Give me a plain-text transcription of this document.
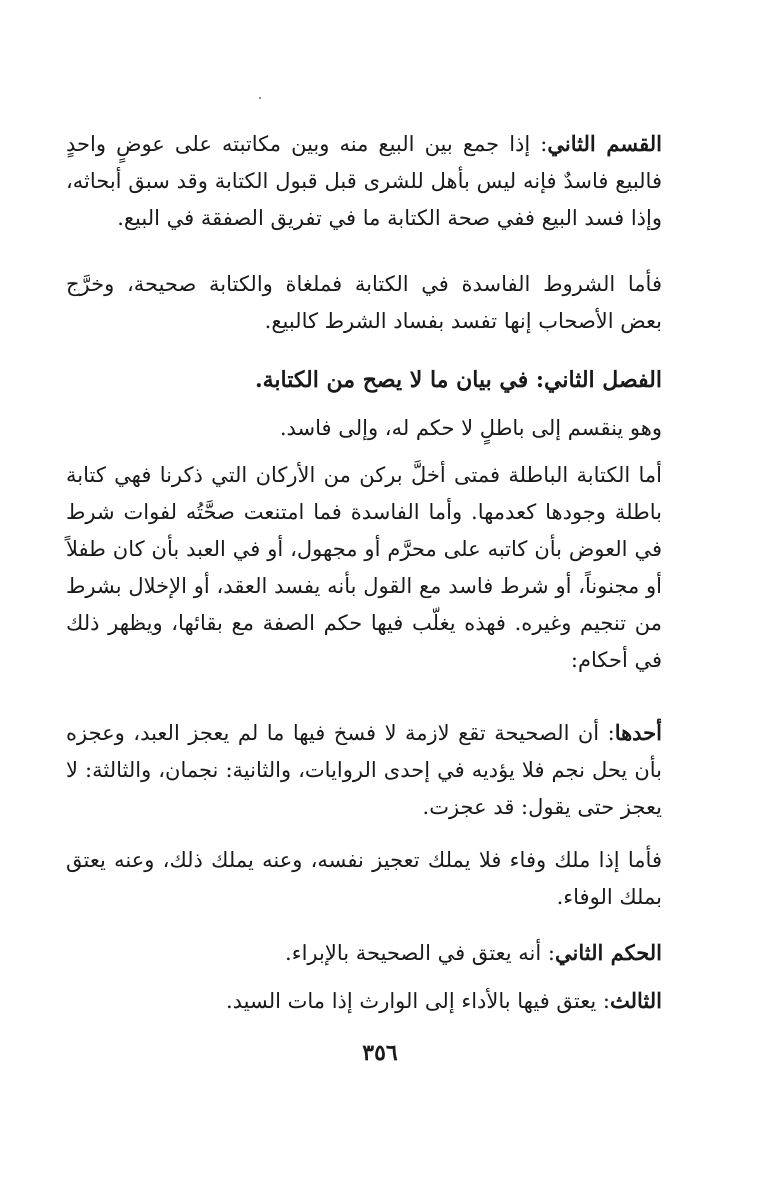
القسم الثاني: إذا جمع بين البيع منه وبين مكاتبته على عوضٍ واحدٍ فالبيع فاسدٌ فإنه ليس بأهل للشرى قبل قبول الكتابة وقد سبق أبحاثه، وإذا فسد البيع ففي صحة الكتابة ما في تفريق الصفقة في البيع.

فأما الشروط الفاسدة في الكتابة فملغاة والكتابة صحيحة، وخرَّج بعض الأصحاب إنها تفسد بفساد الشرط كالبيع.

الفصل الثاني: في بيان ما لا يصح من الكتابة.

وهو ينقسم إلى باطلٍ لا حكم له، وإلى فاسد.

أما الكتابة الباطلة فمتى أخلَّ بركن من الأركان التي ذكرنا فهي كتابة باطلة وجودها كعدمها. وأما الفاسدة فما امتنعت صحَّتُه لفوات شرط في العوض بأن كاتبه على محرَّم أو مجهول، أو في العبد بأن كان طفلاً أو مجنوناً، أو شرط فاسد مع القول بأنه يفسد العقد، أو الإخلال بشرط من تنجيم وغيره. فهذه يغلّب فيها حكم الصفة مع بقائها، ويظهر ذلك في أحكام:

أحدها: أن الصحيحة تقع لازمة لا فسخ فيها ما لم يعجز العبد، وعجزه بأن يحل نجم فلا يؤديه في إحدى الروايات، والثانية: نجمان، والثالثة: لا يعجز حتى يقول: قد عجزت.

فأما إذا ملك وفاء فلا يملك تعجيز نفسه، وعنه يملك ذلك، وعنه يعتق بملك الوفاء.

الحكم الثاني: أنه يعتق في الصحيحة بالإبراء.

الثالث: يعتق فيها بالأداء إلى الوارث إذا مات السيد.

٣٥٦
